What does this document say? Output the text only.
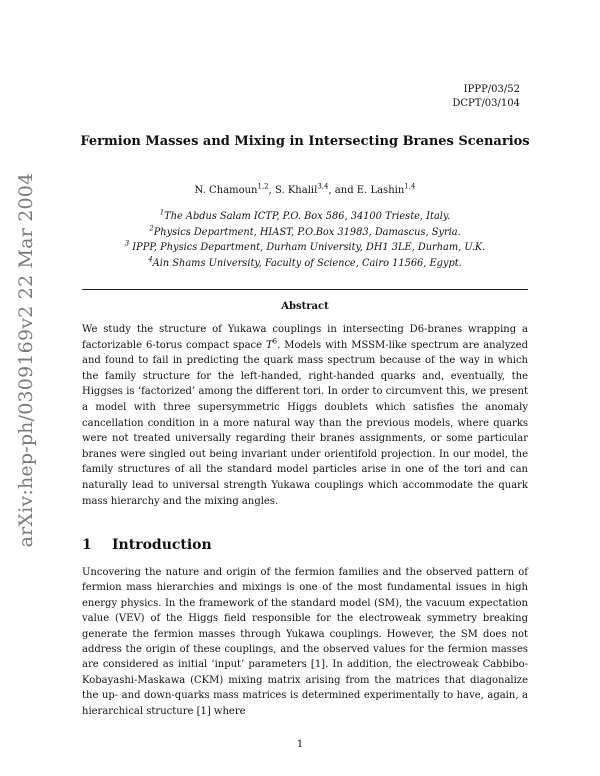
arXiv:hep-ph/0309169v2 22 Mar 2004
IPPP/03/52
DCPT/03/104
Fermion Masses and Mixing in Intersecting Branes Scenarios
N. Chamoun$^{1,2}$, S. Khalil$^{3,4}$, and E. Lashin$^{1,4}$
$^1$The Abdus Salam ICTP, P.O. Box 586, 34100 Trieste, Italy.
$^2$Physics Department, HIAST, P.O.Box 31983, Damascus, Syria.
$^3$ IPPP, Physics Department, Durham University, DH1 3LE, Durham, U.K.
$^4$Ain Shams University, Faculty of Science, Cairo 11566, Egypt.
Abstract

We study the structure of Yukawa couplings in intersecting D6-branes wrapping a factorizable 6-torus compact space $T^6$. Models with MSSM-like spectrum are analyzed and found to fail in predicting the quark mass spectrum because of the way in which the family structure for the left-handed, right-handed quarks and, eventually, the Higgses is ‘factorized’ among the different tori. In order to circumvent this, we present a model with three supersymmetric Higgs doublets which satisfies the anomaly cancellation condition in a more natural way than the previous models, where quarks were not treated universally regarding their branes assignments, or some particular branes were singled out being invariant under orientifold projection. In our model, the family structures of all the standard model particles arise in one of the tori and can naturally lead to universal strength Yukawa couplings which accommodate the quark mass hierarchy and the mixing angles.

1 Introduction

Uncovering the nature and origin of the fermion families and the observed pattern of fermion mass hierarchies and mixings is one of the most fundamental issues in high energy physics. In the framework of the standard model (SM), the vacuum expectation value (VEV) of the Higgs field responsible for the electroweak symmetry breaking generate the fermion masses through Yukawa couplings. However, the SM does not address the origin of these couplings, and the observed values for the fermion masses are considered as initial ‘input’ parameters [1]. In addition, the electroweak Cabbibo-Kobayashi-Maskawa (CKM) mixing matrix arising from the matrices that diagonalize the up- and down-quarks mass matrices is determined experimentally to have, again, a hierarchical structure [1] where

1
